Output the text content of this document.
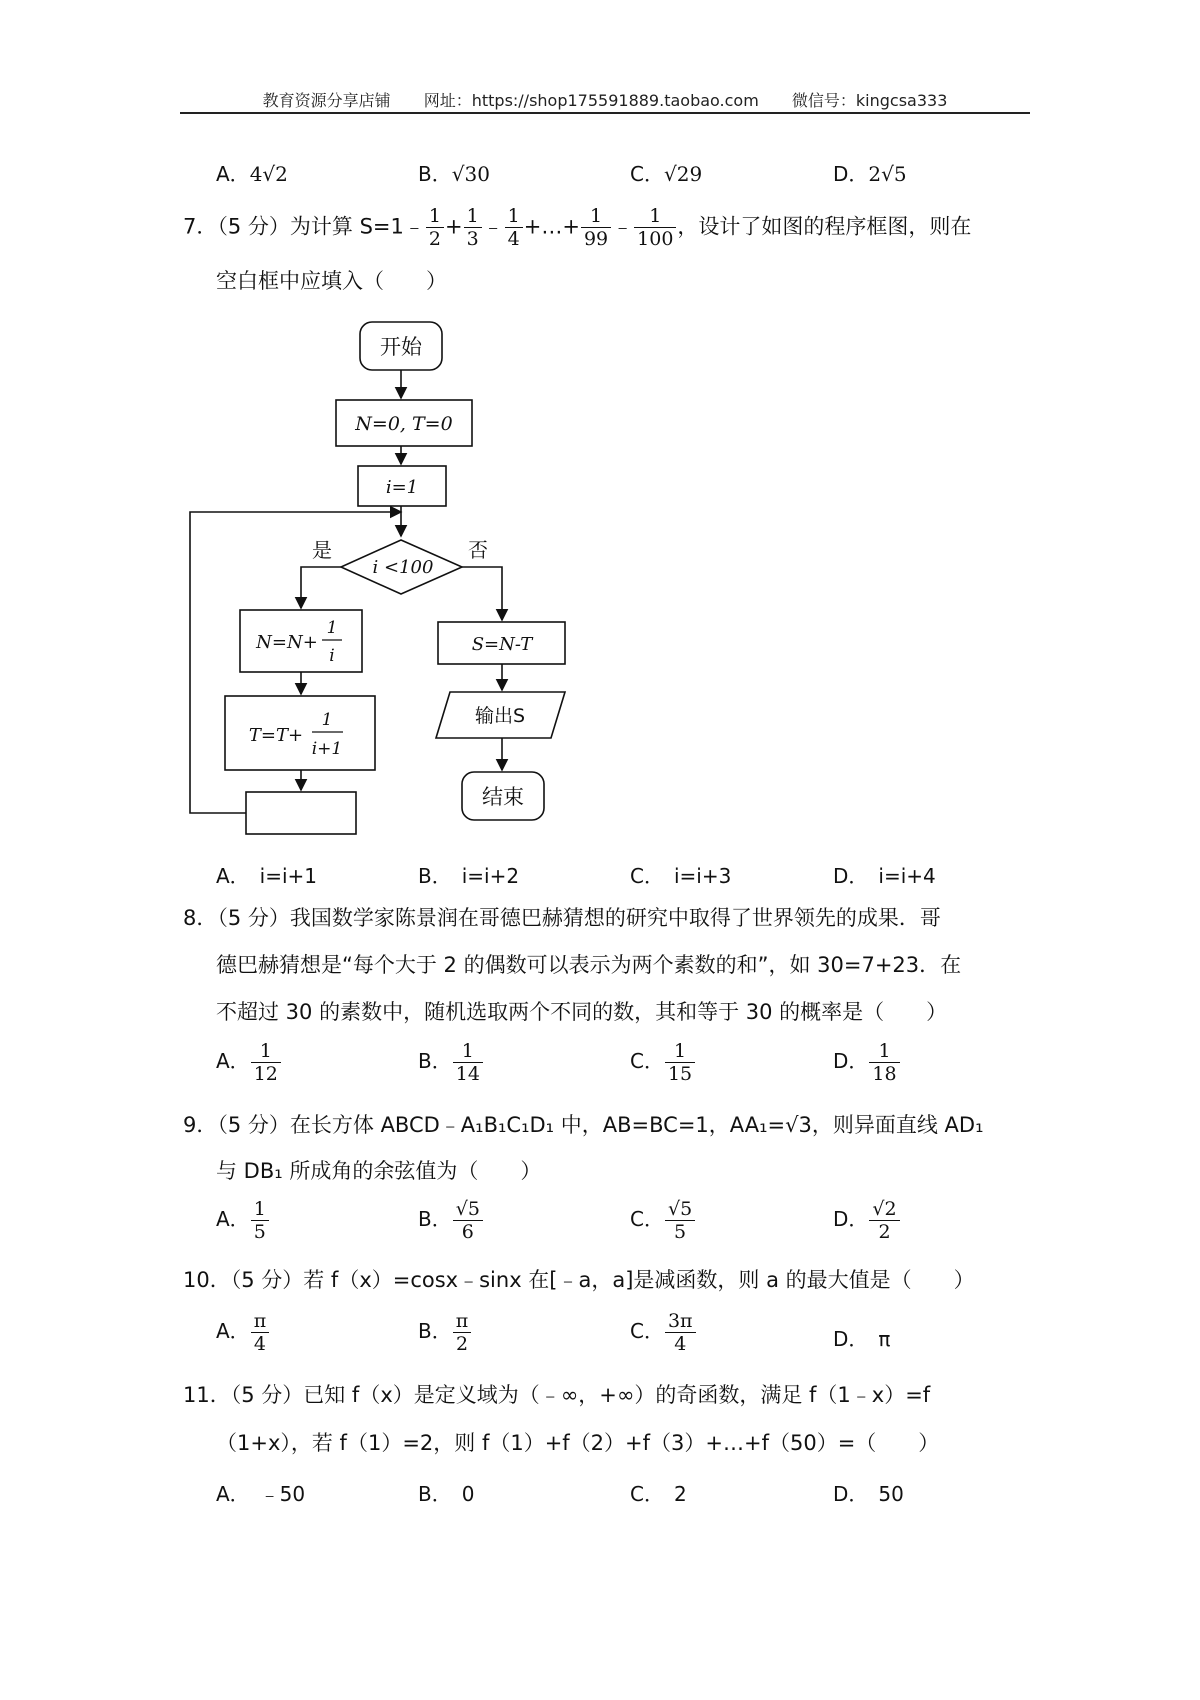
教育资源分享店铺 网址：https://shop175591889.taobao.com 微信号：kingcsa333
A．4√2	B．√30	C．√29	D．2√5
7．（5 分）为计算 S=1﹣ $\frac{1}{2} + \frac{1}{3}$ ﹣ $\frac{1}{4}$ +…+ $\frac{1}{99}$ ﹣ $\frac{1}{100}$ ，设计了如图的程序框图，则在
空白框中应填入（　　）
开始
N=0, T=0
i=1
i <100
是	否
N=N+
1
i
T=T+
1
i+1
S=N-T
输出S
结束
A．　i=i+1	B．　i=i+2	C．　i=i+3	D．　i=i+4
8．（5 分）我国数学家陈景润在哥德巴赫猜想的研究中取得了世界领先的成果．哥
德巴赫猜想是“每个大于 2 的偶数可以表示为两个素数的和”，如 30=7+23．在
不超过 30 的素数中，随机选取两个不同的数，其和等于 30 的概率是（　　）
A． $\frac{1}{12}$	B． $\frac{1}{14}$	C． $\frac{1}{15}$	D． $\frac{1}{18}$
9．（5 分）在长方体 ABCD﹣A₁B₁C₁D₁ 中，AB=BC=1，AA₁=√3，则异面直线 AD₁
与 DB₁ 所成角的余弦值为（　　）
A． $\frac{1}{5}$	B． $\frac{√5}{6}$	C． $\frac{√5}{5}$	D． $\frac{√2}{2}$
10．（5 分）若 f（x）=cosx﹣sinx 在[﹣a，a]是减函数，则 a 的最大值是（　　）
A． $\frac{\pi}{4}$	B． $\frac{\pi}{2}$	C． $\frac{3\pi}{4}$	D．　π
11．（5 分）已知 f（x）是定义域为（﹣∞，+∞）的奇函数，满足 f（1﹣x）=f
（1+x），若 f（1）=2，则 f（1）+f（2）+f（3）+…+f（50）=（　　）
A．　﹣50	B．　0	C．　2	D．　50
